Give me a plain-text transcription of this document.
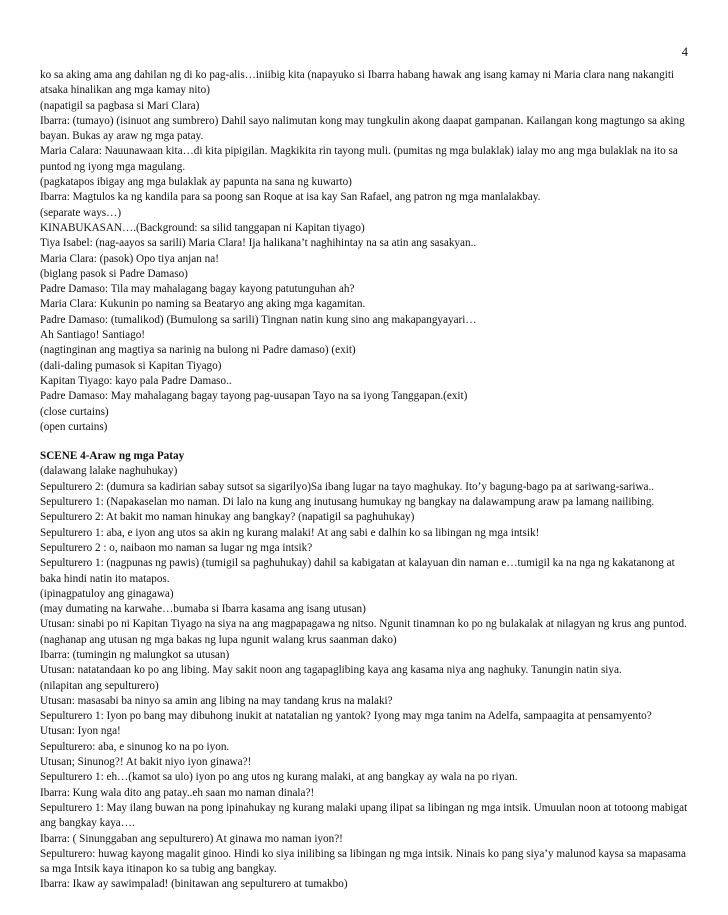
4

ko sa aking ama ang dahilan ng di ko pag-alis…iniibig kita (napayuko si Ibarra habang hawak ang isang kamay ni Maria clara nang nakangiti atsaka hinalikan ang mga kamay nito)

(napatigil sa pagbasa si Mari Clara)

Ibarra: (tumayo) (isinuot ang sumbrero) Dahil sayo nalimutan kong may tungkulin akong daapat gampanan. Kailangan kong magtungo sa aking bayan. Bukas ay araw ng mga patay.

Maria Calara: Nauunawaan kita…di kita pipigilan. Magkikita rin tayong muli. (pumitas ng mga bulaklak) ialay mo ang mga bulaklak na ito sa puntod ng iyong mga magulang.

(pagkatapos ibigay ang mga bulaklak ay papunta na sana ng kuwarto)

Ibarra: Magtulos ka ng kandila para sa poong san Roque at isa kay San Rafael, ang patron ng mga manlalakbay.

(separate ways…)

KINABUKASAN….(Background: sa silid tanggapan ni Kapitan tiyago)

Tiya Isabel: (nag-aayos sa sarili) Maria Clara! Ija halikana’t naghihintay na sa atin ang sasakyan..

Maria Clara: (pasok) Opo tiya anjan na!

(biglang pasok si Padre Damaso)

Padre Damaso: Tila may mahalagang bagay kayong patutunguhan ah?

Maria Clara: Kukunin po naming sa Beataryo ang aking mga kagamitan.

Padre Damaso: (tumalikod) (Bumulong sa sarili) Tingnan natin kung sino ang makapangyayari…

Ah Santiago! Santiago!

(nagtinginan ang magtiya sa narinig na bulong ni Padre damaso) (exit)

(dali-daling pumasok si Kapitan Tiyago)

Kapitan Tiyago: kayo pala Padre Damaso..

Padre Damaso: May mahalagang bagay tayong pag-uusapan Tayo na sa iyong Tanggapan.(exit)

(close curtains)

(open curtains)

SCENE 4-Araw ng mga Patay

(dalawang lalake naghuhukay)

Sepulturero 2: (dumura sa kadirian sabay sutsot sa sigarilyo)Sa ibang lugar na tayo maghukay. Ito’y bagung-bago pa at sariwang-sariwa..

Sepulturero 1: (Napakaselan mo naman. Di lalo na kung ang inutusang humukay ng bangkay na dalawampung araw pa lamang nailibing.

Sepulturero 2: At bakit mo naman hinukay ang bangkay? (napatigil sa paghuhukay)

Sepulturero 1: aba, e iyon ang utos sa akin ng kurang malaki! At ang sabi e dalhin ko sa libingan ng mga intsik!

Sepulturero 2 : o, naibaon mo naman sa lugar ng mga intsik?

Sepulturero 1: (nagpunas ng pawis) (tumigil sa paghuhukay) dahil sa kabigatan at kalayuan din naman e…tumigil ka na nga ng kakatanong at baka hindi natin ito matapos.

(ipinagpatuloy ang ginagawa)

(may dumating na karwahe…bumaba si Ibarra kasama ang isang utusan)

Utusan: sinabi po ni Kapitan Tiyago na siya na ang magpapagawa ng nitso. Ngunit tinamnan ko po ng bulakalak at nilagyan ng krus ang puntod.

(naghanap ang utusan ng mga bakas ng lupa ngunit walang krus saanman dako)

Ibarra: (tumingin ng malungkot sa utusan)

Utusan: natatandaan ko po ang libing. May sakit noon ang tagapaglibing kaya ang kasama niya ang naghuky. Tanungin natin siya.

(nilapitan ang sepulturero)

Utusan: masasabi ba ninyo sa amin ang libing na may tandang krus na malaki?

Sepulturero 1: Iyon po bang may dibuhong inukit at natatalian ng yantok? Iyong may mga tanim na Adelfa, sampaagita at pensamyento?

Utusan: Iyon nga!

Sepulturero: aba, e sinunog ko na po iyon.

Utusan; Sinunog?! At bakit niyo iyon ginawa?!

Sepulturero 1: eh…(kamot sa ulo) iyon po ang utos ng kurang malaki, at ang bangkay ay wala na po riyan.

Ibarra: Kung wala dito ang patay..eh saan mo naman dinala?!

Sepulturero 1: May ilang buwan na pong ipinahukay ng kurang malaki upang ilipat sa libingan ng mga intsik. Umuulan noon at totoong mabigat ang bangkay kaya….

Ibarra: ( Sinunggaban ang sepulturero) At ginawa mo naman iyon?!

Sepulturero: huwag kayong magalit ginoo. Hindi ko siya inilibing sa libingan ng mga intsik. Ninais ko pang siya’y malunod kaysa sa mapasama sa mga Intsik kaya itinapon ko sa tubig ang bangkay.

Ibarra: Ikaw ay sawimpalad! (binitawan ang sepulturero at tumakbo)
